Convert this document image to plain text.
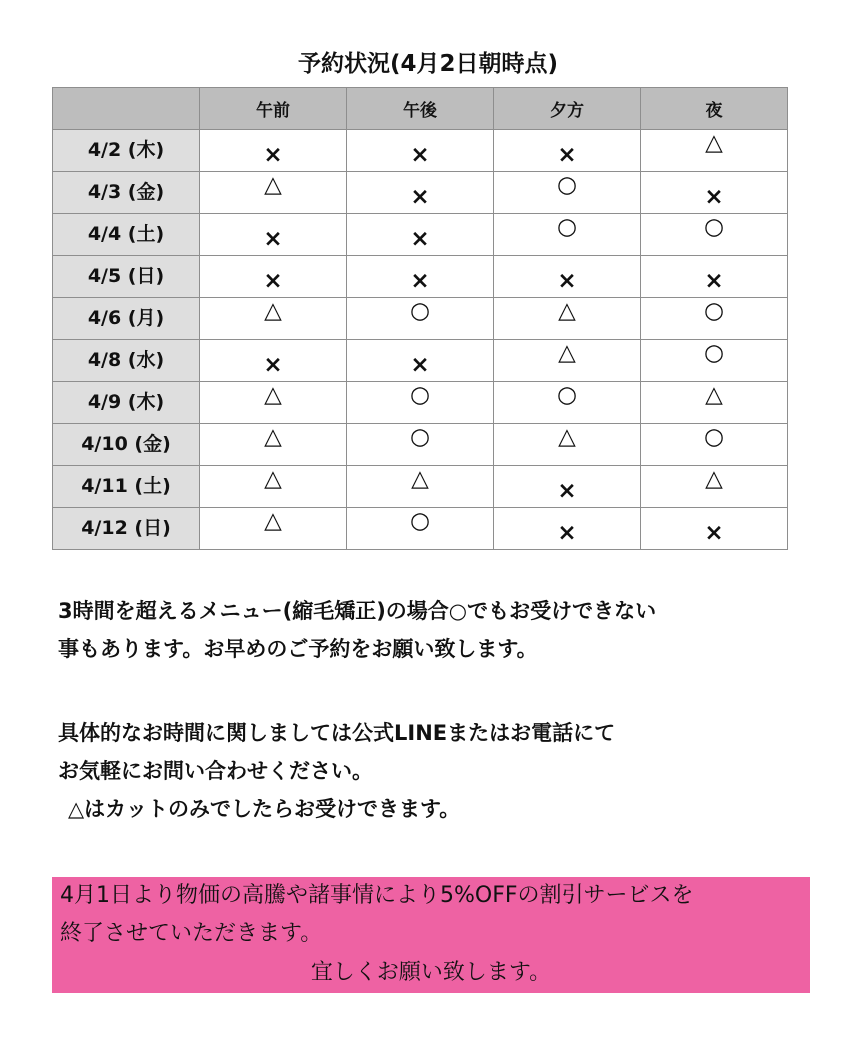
予約状況(4月2日朝時点)
	午前	午後	夕方	夜
4/2 (木)	×	×	×	△

4/3 (金)	△	×	○	×

4/4 (土)	×	×	○	○

4/5 (日)	×	×	×	×

4/6 (月)	△	○	△	○

4/8 (水)	×	×	△	○

4/9 (木)	△	○	○	△

4/10 (金)	△	○	△	○

4/11 (土)	△	△	×	△

4/12 (日)	△	○	×	×
3時間を超えるメニュー(縮毛矯正)の場合○でもお受けできない
事もあります。お早めのご予約をお願い致します。
具体的なお時間に関しましては公式LINEまたはお電話にて
お気軽にお問い合わせください。
△はカットのみでしたらお受けできます。
4月1日より物価の高騰や諸事情により5%OFFの割引サービスを
終了させていただきます。
宜しくお願い致します。
